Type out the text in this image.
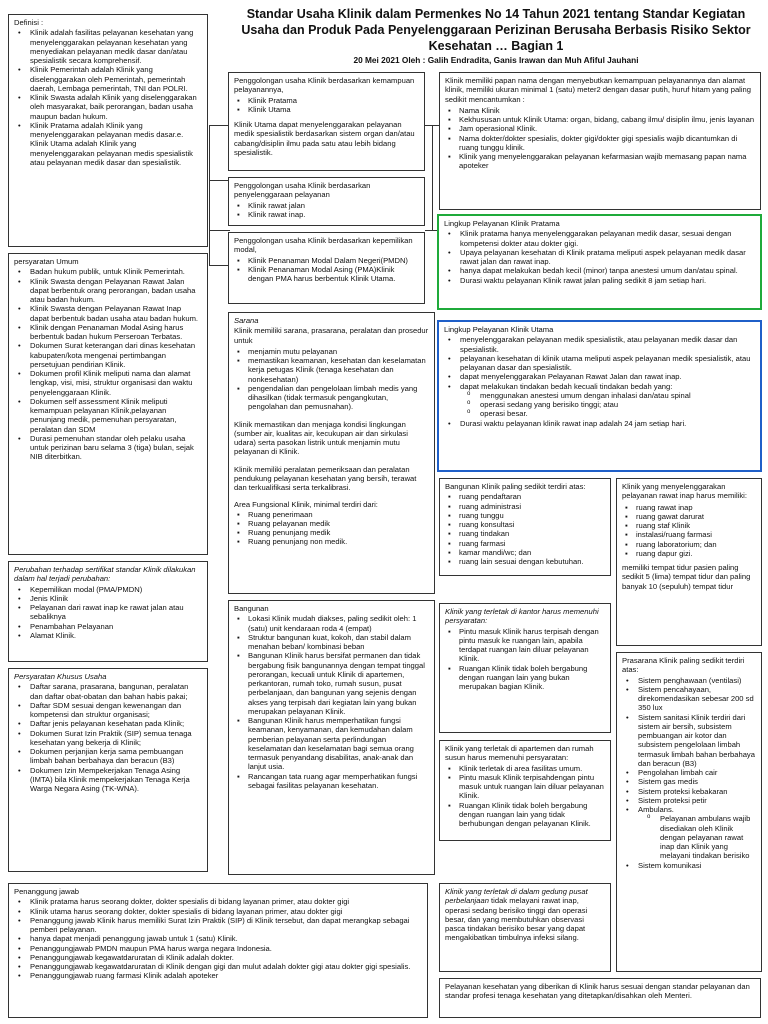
Standar Usaha Klinik dalam Permenkes No 14 Tahun 2021 tentang Standar Kegiatan Usaha dan Produk Pada Penyelenggaraan Perizinan Berusaha Berbasis Risiko Sektor Kesehatan … Bagian 1
20 Mei 2021 Oleh : Galih Endradita, Ganis Irawan dan Muh Afiful Jauhani
Definisi :
• Klinik adalah fasilitas pelayanan kesehatan yang menyelenggarakan pelayanan kesehatan yang menyediakan pelayanan medik dasar dan/atau spesialistik secara komprehensif.
• Klinik Pemerintah adalah Klinik yang diselenggarakan oleh Pemerintah, pemerintah daerah, Lembaga pemerintah, TNI dan POLRI.
• Klinik Swasta adalah Klinik yang diselenggarakan oleh masyarakat, baik perorangan, badan usaha maupun badan hukum.
• Klinik Pratama adalah Klinik yang menyelenggarakan pelayanan medis dasar.e. Klinik Utama adalah Klinik yang menyelenggarakan pelayanan medis spesialistik atau pelayanan medik dasar dan spesialistik.
persyaratan Umum
• Badan hukum publik, untuk Klinik Pemerintah.
• Klinik Swasta dengan Pelayanan Rawat Jalan dapat berbentuk orang perorangan, badan usaha atau badan hukum.
• Klinik Swasta dengan Pelayanan Rawat Inap dapat berbentuk badan usaha atau badan hukum.
• Klinik dengan Penanaman Modal Asing harus berbentuk badan hukum Perseroan Terbatas.
• Dokumen Surat keterangan dari dinas kesehatan kabupaten/kota mengenai pertimbangan persetujuan pendirian Klinik.
• Dokumen profil Klinik meliputi nama dan alamat lengkap, visi, misi, struktur organisasi dan waktu penyelenggaraan Klinik.
• Dokumen self assessment Klinik meliputi kemampuan pelayanan Klinik,pelayanan penunjang medik, pemenuhan persyaratan, peralatan dan SDM
• Durasi pemenuhan standar oleh pelaku usaha untuk perizinan baru selama 3 (tiga) bulan, sejak NIB diterbitkan.
Perubahan terhadap sertifikat standar Klinik dilakukan dalam hal terjadi perubahan:
• Kepemilikan modal (PMA/PMDN)
• Jenis Klinik
• Pelayanan dari rawat inap ke rawat jalan atau sebaliknya
• Penambahan Pelayanan
• Alamat Klinik.
Persyaratan Khusus Usaha
• Daftar sarana, prasarana, bangunan, peralatan dan daftar obat-obatan dan bahan habis pakai;
• Daftar SDM sesuai dengan kewenangan dan kompetensi dan struktur organisasi;
• Daftar jenis pelayanan kesehatan pada Klinik;
• Dokumen Surat Izin Praktik (SIP) semua tenaga kesehatan yang bekerja di Klinik;
• Dokumen perjanjian kerja sama pembuangan limbah bahan berbahaya dan beracun (B3)
• Dokumen Izin Mempekerjakan Tenaga Asing (IMTA) bila Klinik mempekerjakan Tenaga Kerja Warga Negara Asing (TK-WNA).
Penanggung jawab
• Klinik pratama harus seorang dokter, dokter spesialis di bidang layanan primer, atau dokter gigi
• Klinik utama harus seorang dokter, dokter spesialis di bidang layanan primer, atau dokter gigi
• Penanggung jawab Klinik harus memiliki Surat Izin Praktik (SIP) di Klinik tersebut, dan dapat merangkap sebagai pemberi pelayanan.
• hanya dapat menjadi penanggung jawab untuk 1 (satu) Klinik.
• Penanggungjawab PMDN maupun PMA harus warga negara Indonesia.
• Penanggungjawab kegawatdaruratan di Klinik adalah dokter.
• Penanggungjawab kegawatdaruratan di Klinik dengan gigi dan mulut adalah dokter gigi atau dokter gigi spesialis.
• Penanggungjawab ruang farmasi Klinik adalah apoteker
Penggolongan usaha Klinik berdasarkan kemampuan pelayanannya,
▪ Klinik Pratama
▪ Klinik Utama

Klinik Utama dapat menyelenggarakan pelayanan medik spesialistik berdasarkan sistem organ dan/atau cabang/disiplin ilmu pada satu atau lebih bidang spesialistik.

Penggolongan usaha Klinik berdasarkan penyelenggaraan pelayanan
▪ Klinik rawat jalan
▪ Klinik rawat inap.
Penggolongan usaha Klinik berdasarkan kepemilikan modal,
▪ Klinik Penanaman Modal Dalam Negeri(PMDN)
▪ Klinik Penanaman Modal Asing (PMA)Klinik dengan PMA harus berbentuk Klinik Utama.
Sarana

Klinik memiliki sarana, prasarana, peralatan dan prosedur untuk

▪ menjamin mutu pelayanan
▪ memastikan keamanan, kesehatan dan keselamatan kerja petugas Klinik (tenaga kesehatan dan nonkesehatan)
▪ pengendalian dan pengelolaan limbah medis yang dihasilkan (tidak termasuk pengangkutan, pengolahan dan pemusnahan).

Klinik memastikan dan menjaga kondisi lingkungan (sumber air, kualitas air, kecukupan air dan sirkulasi udara) serta pasokan listrik untuk menjamin mutu pelayanan di Klinik.

Klinik memiliki peralatan pemeriksaan dan peralatan pendukung pelayanan kesehatan yang bersih, terawat dan terkualifikasi serta terkalibrasi.

Area Fungsional Klinik, minimal terdiri dari:

▪ Ruang penerimaan
▪ Ruang pelayanan medik
▪ Ruang penunjang medik
▪ Ruang penunjang non medik.
Bangunan
▪ Lokasi Klinik mudah diakses, paling sedikit oleh: 1 (satu) unit kendaraan roda 4 (empat)
▪ Struktur bangunan kuat, kokoh, dan stabil dalam menahan beban/ kombinasi beban
▪ Bangunan Klinik harus bersifat permanen dan tidak bergabung fisik bangunannya dengan tempat tinggal perorangan, kecuali untuk Klinik di apartemen, perkantoran, rumah toko, rumah susun, pusat perbelanjaan, dan bangunan yang sejenis dengan akses yang terpisah dari kegiatan lain yang bukan merupakan pelayanan Klinik.
▪ Bangunan Klinik harus memperhatikan fungsi keamanan, kenyamanan, dan kemudahan dalam pemberian pelayanan serta perlindungan keselamatan dan keselamatan bagi semua orang termasuk penyandang disabilitas, anak-anak dan lanjut usia.
▪ Rancangan tata ruang agar memperhatikan fungsi sebagai fasilitas pelayanan kesehatan.

Klinik memiliki papan nama dengan menyebutkan kemampuan pelayanannya dan alamat klinik, memiliki ukuran minimal 1 (satu) meter2 dengan dasar putih, huruf hitam yang paling sedikit mencantumkan :

▪ Nama Klinik
▪ Kekhususan untuk Klinik Utama: organ, bidang, cabang ilmu/ disiplin ilmu, jenis layanan
▪ Jam operasional Klinik.
▪ Nama dokter/dokter spesialis, dokter gigi/dokter gigi spesialis wajib dicantumkan di ruang tunggu klinik.
▪ Klinik yang menyelenggarakan pelayanan kefarmasian wajib memasang papan nama apoteker
Lingkup Pelayanan Klinik Pratama
• Klinik pratama hanya menyelenggarakan pelayanan medik dasar, sesuai dengan kompetensi dokter atau dokter gigi.
• Upaya pelayanan kesehatan di Klinik pratama meliputi aspek pelayanan medik dasar rawat jalan dan rawat inap.
• hanya dapat melakukan bedah kecil (minor) tanpa anestesi umum dan/atau spinal.
• Durasi waktu pelayanan Klinik rawat jalan paling sedikit 8 jam setiap hari.
Lingkup Pelayanan Klinik Utama
• menyelenggarakan pelayanan medik spesialistik, atau pelayanan medik dasar dan spesialistik.
• pelayanan kesehatan di klinik utama meliputi aspek pelayanan medik spesialistik, atau pelayanan dasar dan spesialistik.
• dapat menyelenggarakan Pelayanan Rawat Jalan dan rawat inap.
• dapat melakukan tindakan bedah kecuali tindakan bedah yang:
o menggunakan anestesi umum dengan inhalasi dan/atau spinal
o operasi sedang yang berisiko tinggi; atau
o operasi besar.
• Durasi waktu pelayanan klinik rawat inap adalah 24 jam setiap hari.
Bangunan Klinik paling sedikit terdiri atas:
▪ ruang pendaftaran
▪ ruang administrasi
▪ ruang tunggu
▪ ruang konsultasi
▪ ruang tindakan
▪ ruang farmasi
▪ kamar mandi/wc; dan
▪ ruang lain sesuai dengan kebutuhan.
Klinik yang terletak di kantor harus memenuhi persyaratan:
▪ Pintu masuk Klinik harus terpisah dengan pintu masuk ke ruangan lain, apabila terdapat ruangan lain diluar pelayanan Klinik.
▪ Ruangan Klinik tidak boleh bergabung dengan ruangan lain yang bukan merupakan bagian Klinik.
Klinik yang terletak di apartemen dan rumah susun harus memenuhi persyaratan:
▪ Klinik terletak di area fasilitas umum.
▪ Pintu masuk Klinik terpisahdengan pintu masuk untuk ruangan lain diluar pelayanan Klinik.
▪ Ruangan Klinik tidak boleh bergabung dengan ruangan lain yang tidak berhubungan dengan pelayanan Klinik.

Klinik yang terletak di dalam gedung pusat perbelanjaan tidak melayani rawat inap, operasi sedang berisiko tinggi dan operasi besar, dan yang membutuhkan observasi pasca tindakan berisiko besar yang dapat mengakibatkan timbulnya infeksi silang.

Pelayanan kesehatan yang diberikan di Klinik harus sesuai dengan standar pelayanan dan standar profesi tenaga kesehatan yang ditetapkan/disahkan oleh Menteri.

Klinik yang menyelenggarakan pelayanan rawat inap harus memiliki:

▪ ruang rawat inap
▪ ruang gawat darurat
▪ ruang staf Klinik
▪ instalasi/ruang farmasi
▪ ruang laboratorium; dan
▪ ruang dapur gizi.

memiliki tempat tidur pasien paling sedikit 5 (lima) tempat tidur dan paling banyak 10 (sepuluh) tempat tidur

Prasarana Klinik paling sedikit terdiri atas:
• Sistem penghawaan (ventilasi)
• Sistem pencahayaan, direkomendasikan sebesar 200 sd 350 lux
• Sistem sanitasi Klinik terdiri dari sistem air bersih, subsistem pembuangan air kotor dan subsistem pengelolaan limbah termasuk limbah bahan berbahaya dan beracun (B3)
• Pengolahan limbah cair
• Sistem gas medis
• Sistem proteksi kebakaran
• Sistem proteksi petir
• Ambulans.
o Pelayanan ambulans wajib disediakan oleh Klinik dengan pelayanan rawat inap dan Klinik yang melayani tindakan berisiko
• Sistem komunikasi
